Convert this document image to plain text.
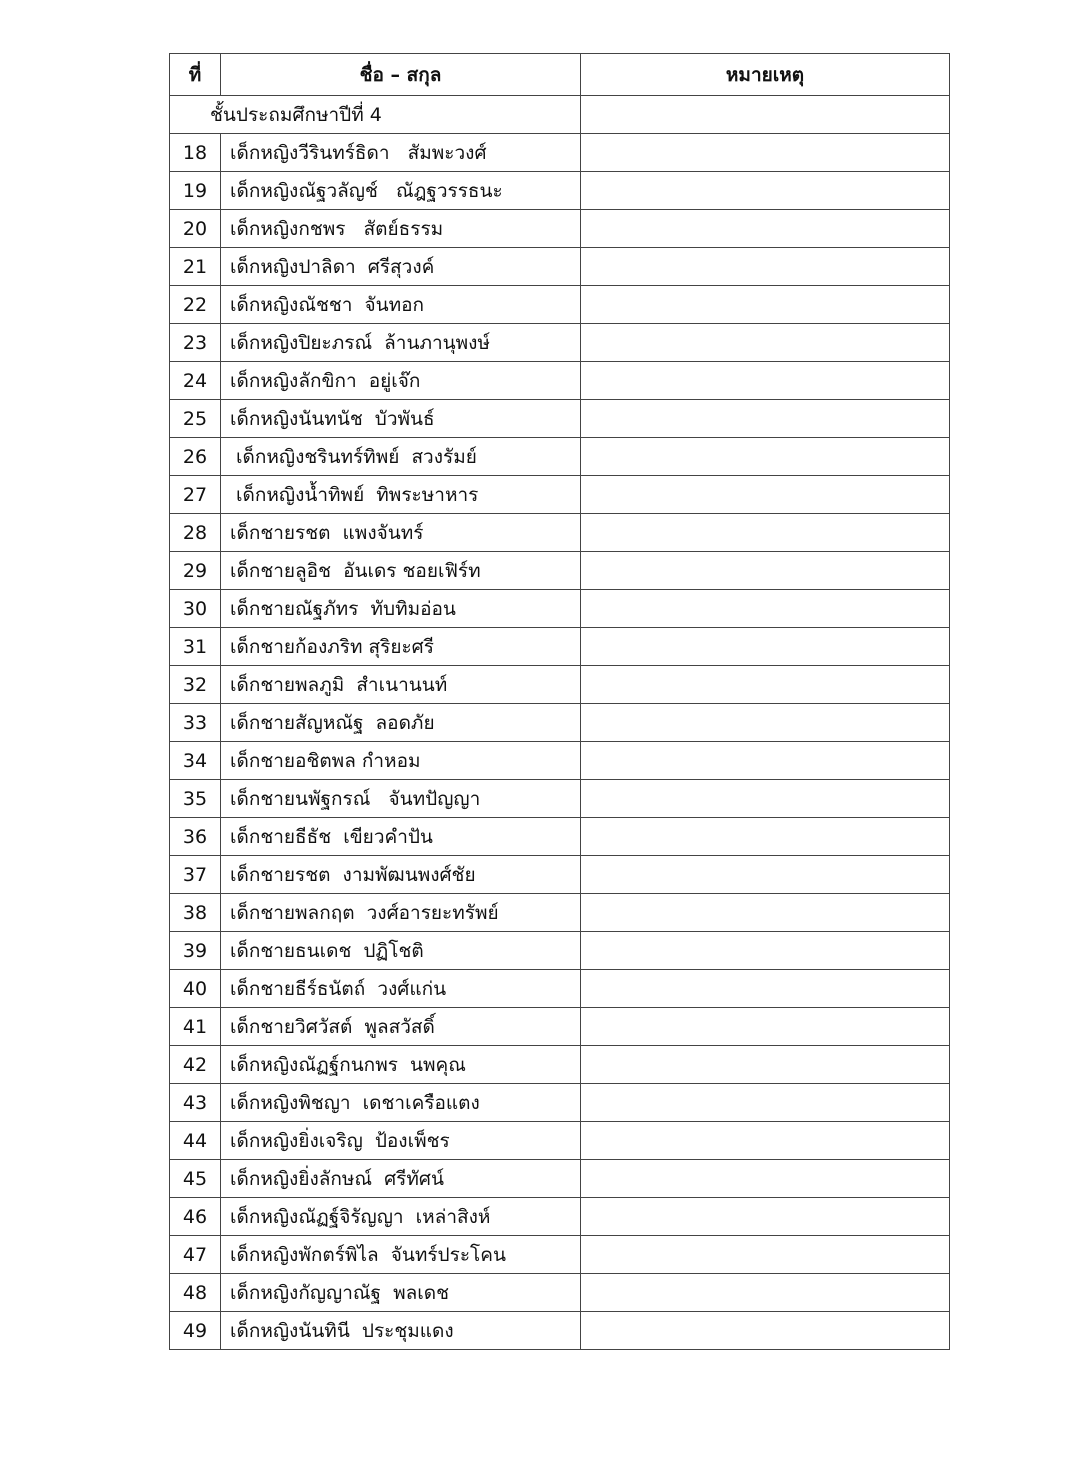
ที่	ชื่อ – สกุล	หมายเหตุ
ชั้นประถมศึกษาปีที่ 4		
18	เด็กหญิงวีรินทร์ธิดา   สัมพะวงศ์	
19	เด็กหญิงณัฐวลัญช์   ณัฎฐวรรธนะ	
20	เด็กหญิงกชพร   สัตย์ธรรม	
21	เด็กหญิงปาลิดา  ศรีสุวงค์	
22	เด็กหญิงณัชชา  จันทอก	
23	เด็กหญิงปิยะภรณ์  ล้านภานุพงษ์	
24	เด็กหญิงลักขิกา  อยู่เจ๊ก	
25	เด็กหญิงนันทนัช  บัวพันธ์	
26	เด็กหญิงชรินทร์ทิพย์  สวงรัมย์	
27	เด็กหญิงน้ำทิพย์  ทิพระษาหาร	
28	เด็กชายรชต  แพงจันทร์	
29	เด็กชายลูอิช  อันเดร ชอยเฟิร์ท	
30	เด็กชายณัฐภัทร  ทับทิมอ่อน	
31	เด็กชายก้องภริท สุริยะศรี	
32	เด็กชายพลภูมิ  สำเนานนท์	
33	เด็กชายสัญหณัฐ  ลอดภัย	
34	เด็กชายอชิตพล กำหอม	
35	เด็กชายนพัฐกรณ์   จันทปัญญา	
36	เด็กชายธีธัช  เขียวคำปัน	
37	เด็กชายรชต  งามพัฒนพงศ์ชัย	
38	เด็กชายพลกฤต  วงศ์อารยะทรัพย์	
39	เด็กชายธนเดช  ปฏิโชติ	
40	เด็กชายธีร์ธนัตถ์  วงศ์แก่น	
41	เด็กชายวิศวัสต์  พูลสวัสดิ์	
42	เด็กหญิงณัฏฐ์กนกพร  นพคุณ	
43	เด็กหญิงพิชญา  เดชาเครือแตง	
44	เด็กหญิงยิ่งเจริญ  ป้องเพ็ชร	
45	เด็กหญิงยิ่งลักษณ์  ศรีทัศน์	
46	เด็กหญิงณัฏฐ์จิรัญญา  เหล่าสิงห์	
47	เด็กหญิงพักตร์พิไล  จันทร์ประโคน	
48	เด็กหญิงกัญญาณัฐ  พลเดช	
49	เด็กหญิงนันทินี  ประชุมแดง	
